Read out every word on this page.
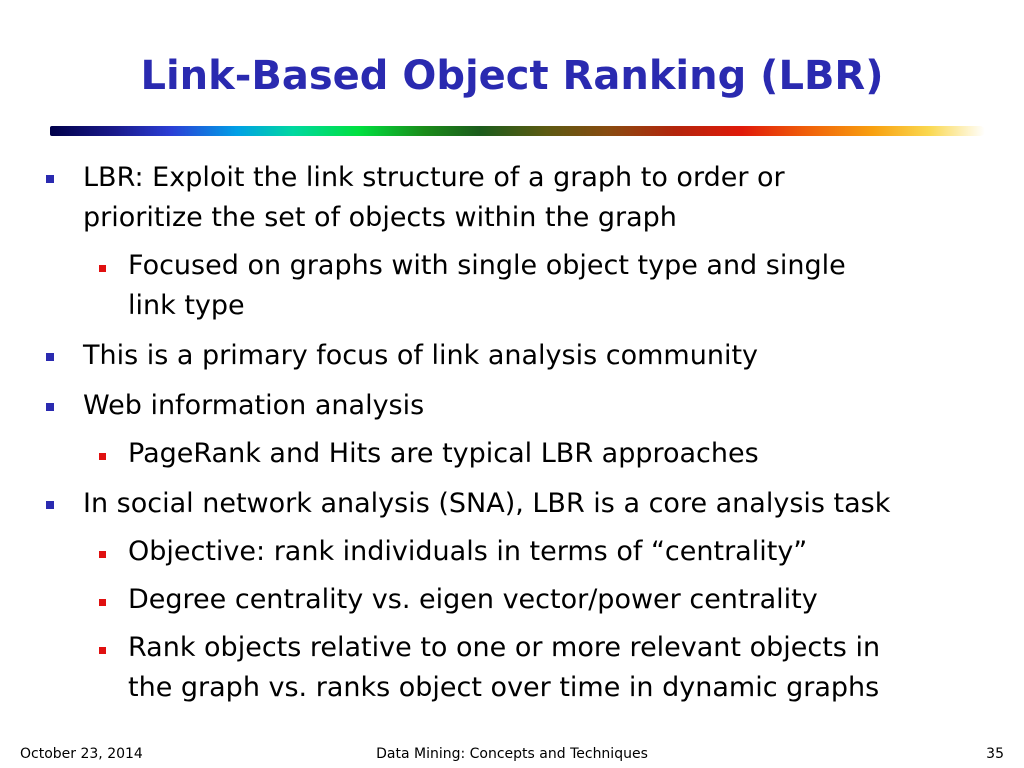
Link-Based Object Ranking (LBR)
LBR: Exploit the link structure of a graph to order or
prioritize the set of objects within the graph
Focused on graphs with single object type and single
link type
This is a primary focus of link analysis community
Web information analysis
PageRank and Hits are typical LBR approaches
In social network analysis (SNA), LBR is a core analysis task
Objective: rank individuals in terms of “centrality”
Degree centrality vs. eigen vector/power centrality
Rank objects relative to one or more relevant objects in
the graph vs. ranks object over time in dynamic graphs
October 23, 2014	Data Mining: Concepts and Techniques	35
